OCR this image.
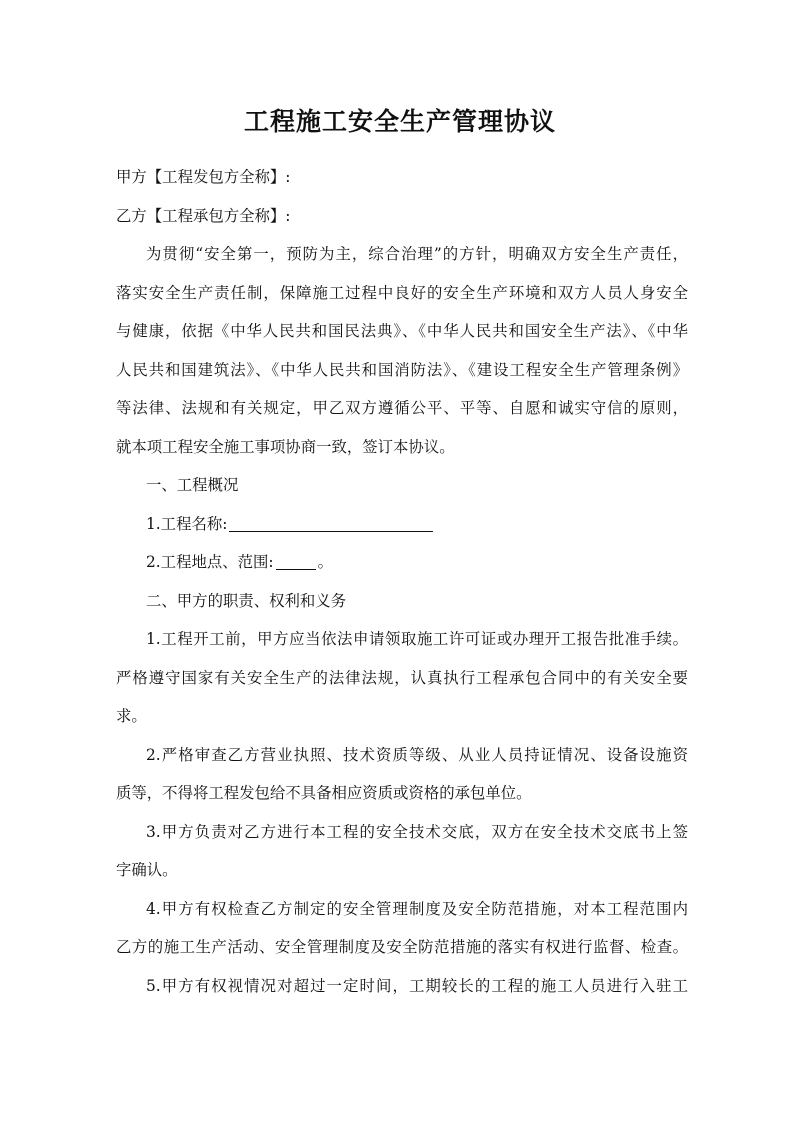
工程施工安全生产管理协议
甲方【工程发包方全称】:
乙方【工程承包方全称】:
为贯彻“安全第一，预防为主，综合治理”的方针，明确双方安全生产责任，
落实安全生产责任制，保障施工过程中良好的安全生产环境和双方人员人身安全
与健康，依据《中华人民共和国民法典》、《中华人民共和国安全生产法》、《中华
人民共和国建筑法》、《中华人民共和国消防法》、《建设工程安全生产管理条例》
等法律、法规和有关规定，甲乙双方遵循公平、平等、自愿和诚实守信的原则，
就本项工程安全施工事项协商一致，签订本协议。
一、工程概况
1.工程名称:
2.工程地点、范围:	。
二、甲方的职责、权利和义务
1.工程开工前，甲方应当依法申请领取施工许可证或办理开工报告批准手续。
严格遵守国家有关安全生产的法律法规，认真执行工程承包合同中的有关安全要
求。
2.严格审查乙方营业执照、技术资质等级、从业人员持证情况、设备设施资
质等，不得将工程发包给不具备相应资质或资格的承包单位。
3.甲方负责对乙方进行本工程的安全技术交底，双方在安全技术交底书上签
字确认。
4.甲方有权检查乙方制定的安全管理制度及安全防范措施，对本工程范围内
乙方的施工生产活动、安全管理制度及安全防范措施的落实有权进行监督、检查。
5.甲方有权视情况对超过一定时间，工期较长的工程的施工人员进行入驻工
